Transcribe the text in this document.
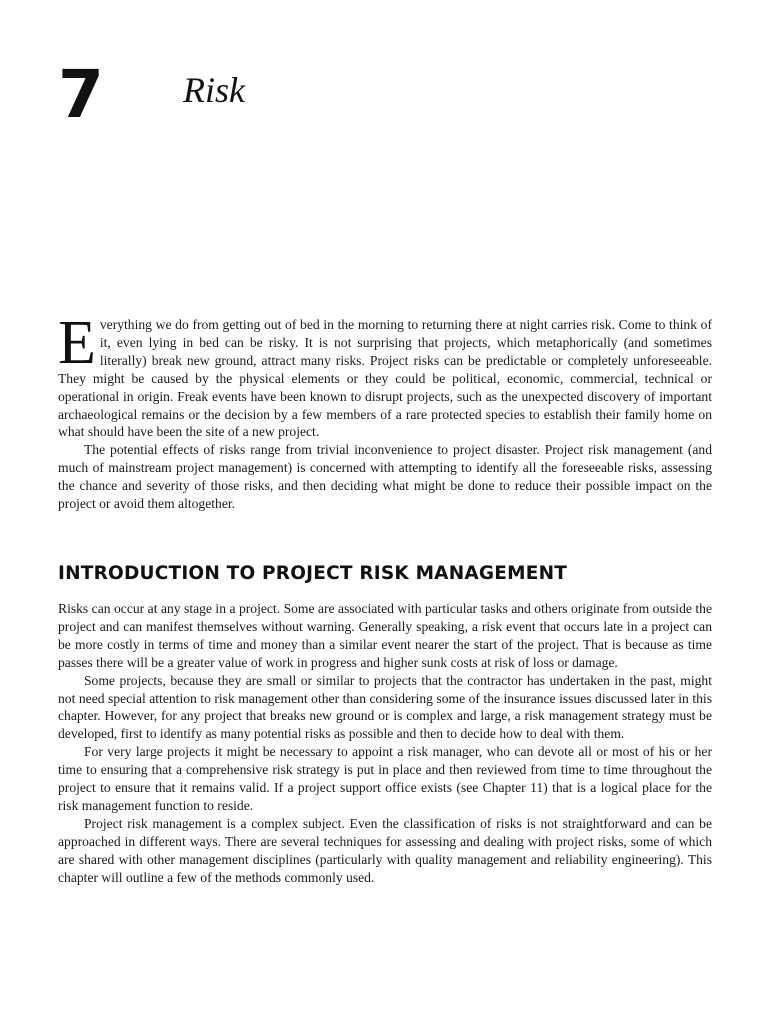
7 Risk

Everything we do from getting out of bed in the morning to returning there at night carries risk. Come to think of it, even lying in bed can be risky. It is not surprising that projects, which metaphorically (and sometimes literally) break new ground, attract many risks. Project risks can be predictable or completely unforeseeable. They might be caused by the physical elements or they could be political, economic, commercial, technical or operational in origin. Freak events have been known to disrupt projects, such as the unexpected discovery of important archaeological remains or the decision by a few members of a rare protected species to establish their family home on what should have been the site of a new project.

The potential effects of risks range from trivial inconvenience to project disaster. Project risk management (and much of mainstream project management) is concerned with attempting to identify all the foreseeable risks, assessing the chance and severity of those risks, and then deciding what might be done to reduce their possible impact on the project or avoid them altogether.

INTRODUCTION TO PROJECT RISK MANAGEMENT

Risks can occur at any stage in a project. Some are associated with particular tasks and others originate from outside the project and can manifest themselves without warning. Generally speaking, a risk event that occurs late in a project can be more costly in terms of time and money than a similar event nearer the start of the project. That is because as time passes there will be a greater value of work in progress and higher sunk costs at risk of loss or damage.

Some projects, because they are small or similar to projects that the contractor has undertaken in the past, might not need special attention to risk management other than considering some of the insurance issues discussed later in this chapter. However, for any project that breaks new ground or is complex and large, a risk management strategy must be developed, first to identify as many potential risks as possible and then to decide how to deal with them.

For very large projects it might be necessary to appoint a risk manager, who can devote all or most of his or her time to ensuring that a comprehensive risk strategy is put in place and then reviewed from time to time throughout the project to ensure that it remains valid. If a project support office exists (see Chapter 11) that is a logical place for the risk management function to reside.

Project risk management is a complex subject. Even the classification of risks is not straightforward and can be approached in different ways. There are several techniques for assessing and dealing with project risks, some of which are shared with other management disciplines (particularly with quality management and reliability engineering). This chapter will outline a few of the methods commonly used.
